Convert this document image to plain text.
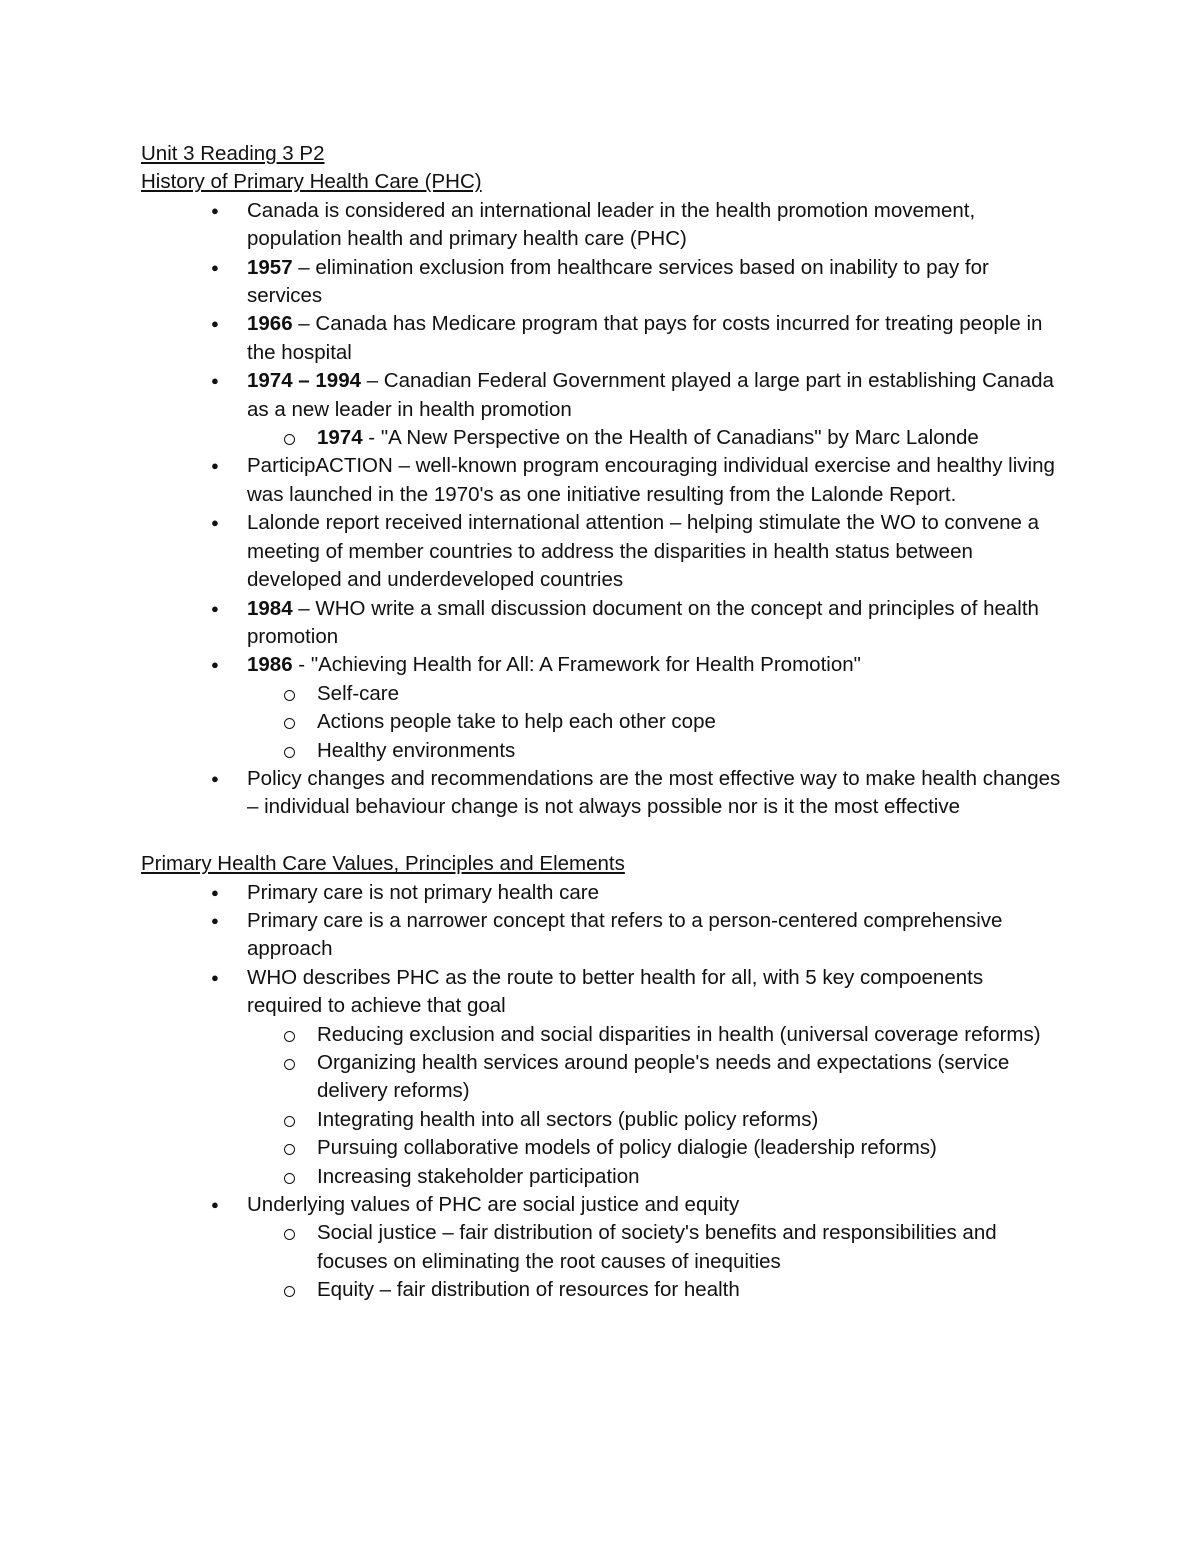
Unit 3 Reading 3 P2
History of Primary Health Care (PHC)
● Canada is considered an international leader in the health promotion movement, population health and primary health care (PHC)
● 1957 – elimination exclusion from healthcare services based on inability to pay for services
● 1966 – Canada has Medicare program that pays for costs incurred for treating people in the hospital
● 1974 – 1994 – Canadian Federal Government played a large part in establishing Canada as a new leader in health promotion
1974 - "A New Perspective on the Health of Canadians" by Marc Lalonde
● ParticipACTION – well-known program encouraging individual exercise and healthy living was launched in the 1970's as one initiative resulting from the Lalonde Report.
● Lalonde report received international attention – helping stimulate the WO to convene a meeting of member countries to address the disparities in health status between developed and underdeveloped countries
● 1984 – WHO write a small discussion document on the concept and principles of health promotion
● 1986 - "Achieving Health for All: A Framework for Health Promotion"
Self-care
Actions people take to help each other cope
Healthy environments
● Policy changes and recommendations are the most effective way to make health changes – individual behaviour change is not always possible nor is it the most effective
Primary Health Care Values, Principles and Elements
● Primary care is not primary health care
● Primary care is a narrower concept that refers to a person-centered comprehensive approach
● WHO describes PHC as the route to better health for all, with 5 key compoenents required to achieve that goal
Reducing exclusion and social disparities in health (universal coverage reforms)
Organizing health services around people's needs and expectations (service delivery reforms)
Integrating health into all sectors (public policy reforms)
Pursuing collaborative models of policy dialogie (leadership reforms)
Increasing stakeholder participation
● Underlying values of PHC are social justice and equity
Social justice – fair distribution of society's benefits and responsibilities and focuses on eliminating the root causes of inequities
Equity – fair distribution of resources for health
